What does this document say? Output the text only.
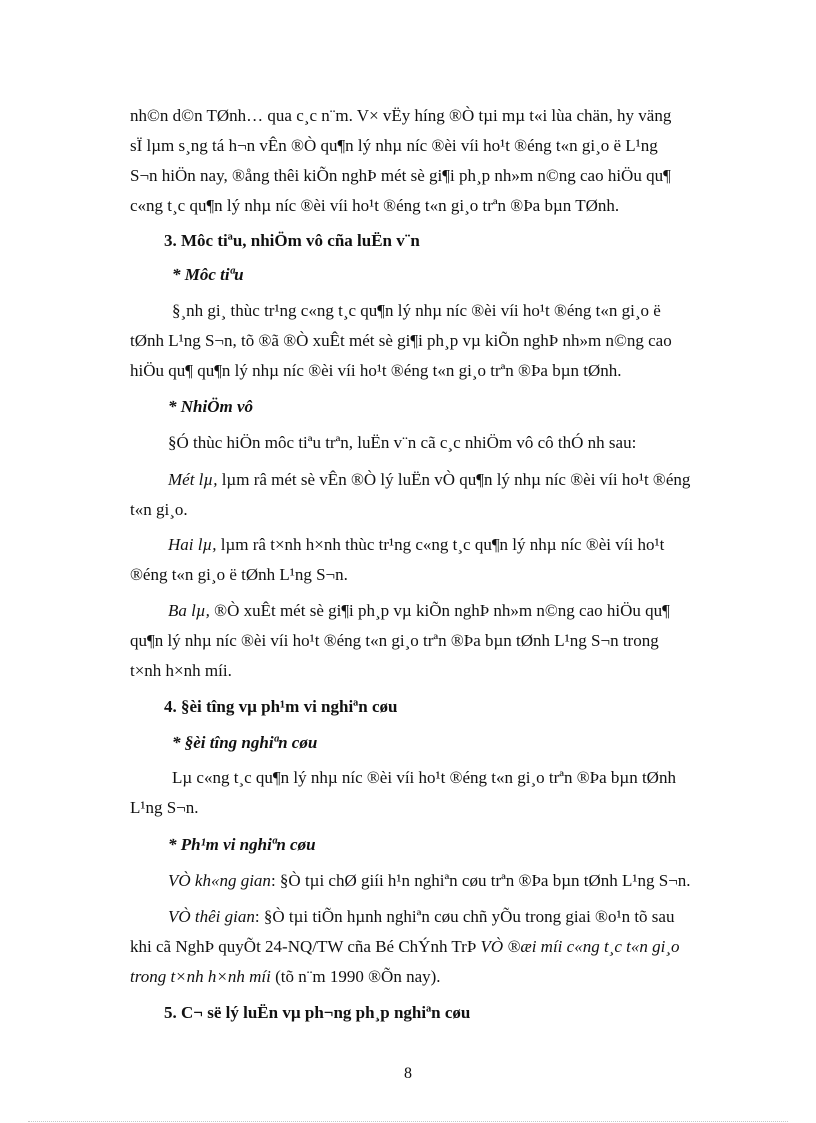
nh©n d©n TØnh… qua c¸c n¨m. V× vËy híng ®Ò tµi mµ t«i lùa chän, hy väng
sÏ lµm s¸ng tá h¬n vÊn ®Ò qu¶n lý nhµ níc ®èi víi ho¹t ®éng t«n gi¸o ë L¹ng
S¬n hiÖn nay, ®ång thêi kiÕn nghÞ mét sè gi¶i ph¸p nh»m n©ng cao hiÖu qu¶
c«ng t¸c qu¶n lý nhµ níc ®èi víi ho¹t ®éng t«n gi¸o trªn ®Þa bµn TØnh.
3. Môc tiªu, nhiÖm vô cña luËn v¨n
* Môc tiªu
§¸nh gi¸ thùc tr¹ng c«ng t¸c qu¶n lý nhµ níc ®èi víi ho¹t ®éng t«n gi¸o ë
tØnh L¹ng S¬n, tõ ®ã ®Ò xuÊt mét sè gi¶i ph¸p vµ kiÕn nghÞ nh»m n©ng cao
hiÖu qu¶ qu¶n lý nhµ níc ®èi víi ho¹t ®éng t«n gi¸o trªn ®Þa bµn tØnh.
* NhiÖm vô
§Ó thùc hiÖn môc tiªu trªn, luËn v¨n cã c¸c nhiÖm vô cô thÓ nh sau:
Mét lµ, lµm râ mét sè vÊn ®Ò lý luËn vÒ qu¶n lý nhµ níc ®èi víi ho¹t ®éng
t«n gi¸o.
Hai lµ, lµm râ t×nh h×nh thùc tr¹ng c«ng t¸c qu¶n lý nhµ níc ®èi víi ho¹t
®éng t«n gi¸o ë tØnh L¹ng S¬n.
Ba lµ, ®Ò xuÊt mét sè gi¶i ph¸p vµ kiÕn nghÞ nh»m n©ng cao hiÖu qu¶
qu¶n lý nhµ níc ®èi víi ho¹t ®éng t«n gi¸o trªn ®Þa bµn tØnh L¹ng S¬n trong
t×nh h×nh míi.
4. §èi tîng vµ ph¹m vi nghiªn cøu
* §èi tîng nghiªn cøu
Lµ c«ng t¸c qu¶n lý nhµ níc ®èi víi ho¹t ®éng t«n gi¸o trªn ®Þa bµn tØnh
L¹ng S¬n.
* Ph¹m vi nghiªn cøu
VÒ kh«ng gian: §Ò tµi chØ giíi h¹n nghiªn cøu trªn ®Þa bµn tØnh L¹ng S¬n.
VÒ thêi gian: §Ò tµi tiÕn hµnh nghiªn cøu chñ yÕu trong giai ®o¹n tõ sau
khi cã NghÞ quyÕt 24-NQ/TW cña Bé ChÝnh TrÞ VÒ ®æi míi c«ng t¸c t«n gi¸o
trong t×nh h×nh míi (tõ n¨m 1990 ®Õn nay).
5. C¬ së lý luËn vµ ph¬ng ph¸p nghiªn cøu
8
